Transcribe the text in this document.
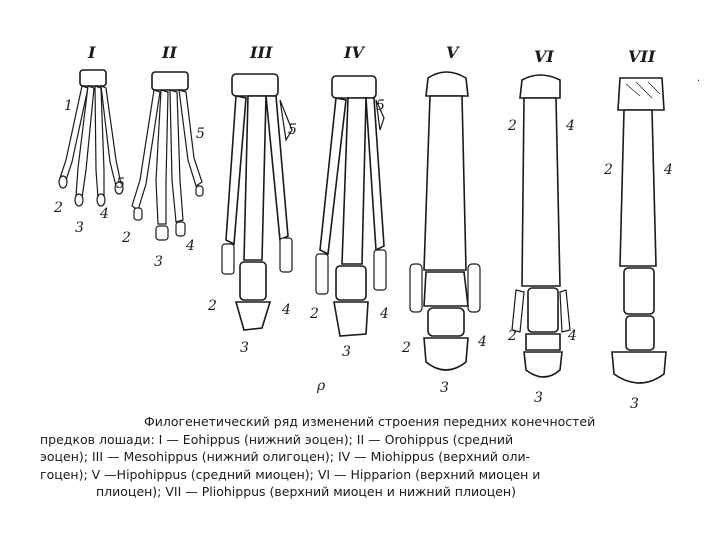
I
1
2
3
4
5
II
2
3
4
5
III
2
3
4
5
IV
2
3
4
5
V
2
3
4
VI
2	4
2
3
4
VII
2	4
3
ρ
·
Филогенетический ряд изменений строения передних конечностей
предков лошади: I — Eohippus (нижний эоцен); II — Orohippus (средний
эоцен); III — Mesohippus (нижний олигоцен); IV — Miohippus (верхний оли-
гоцен); V —Hipohippus (средний миоцен); VI — Hipparion (верхний миоцен и
плиоцен); VII — Pliohippus (верхний миоцен и нижний плиоцен)
